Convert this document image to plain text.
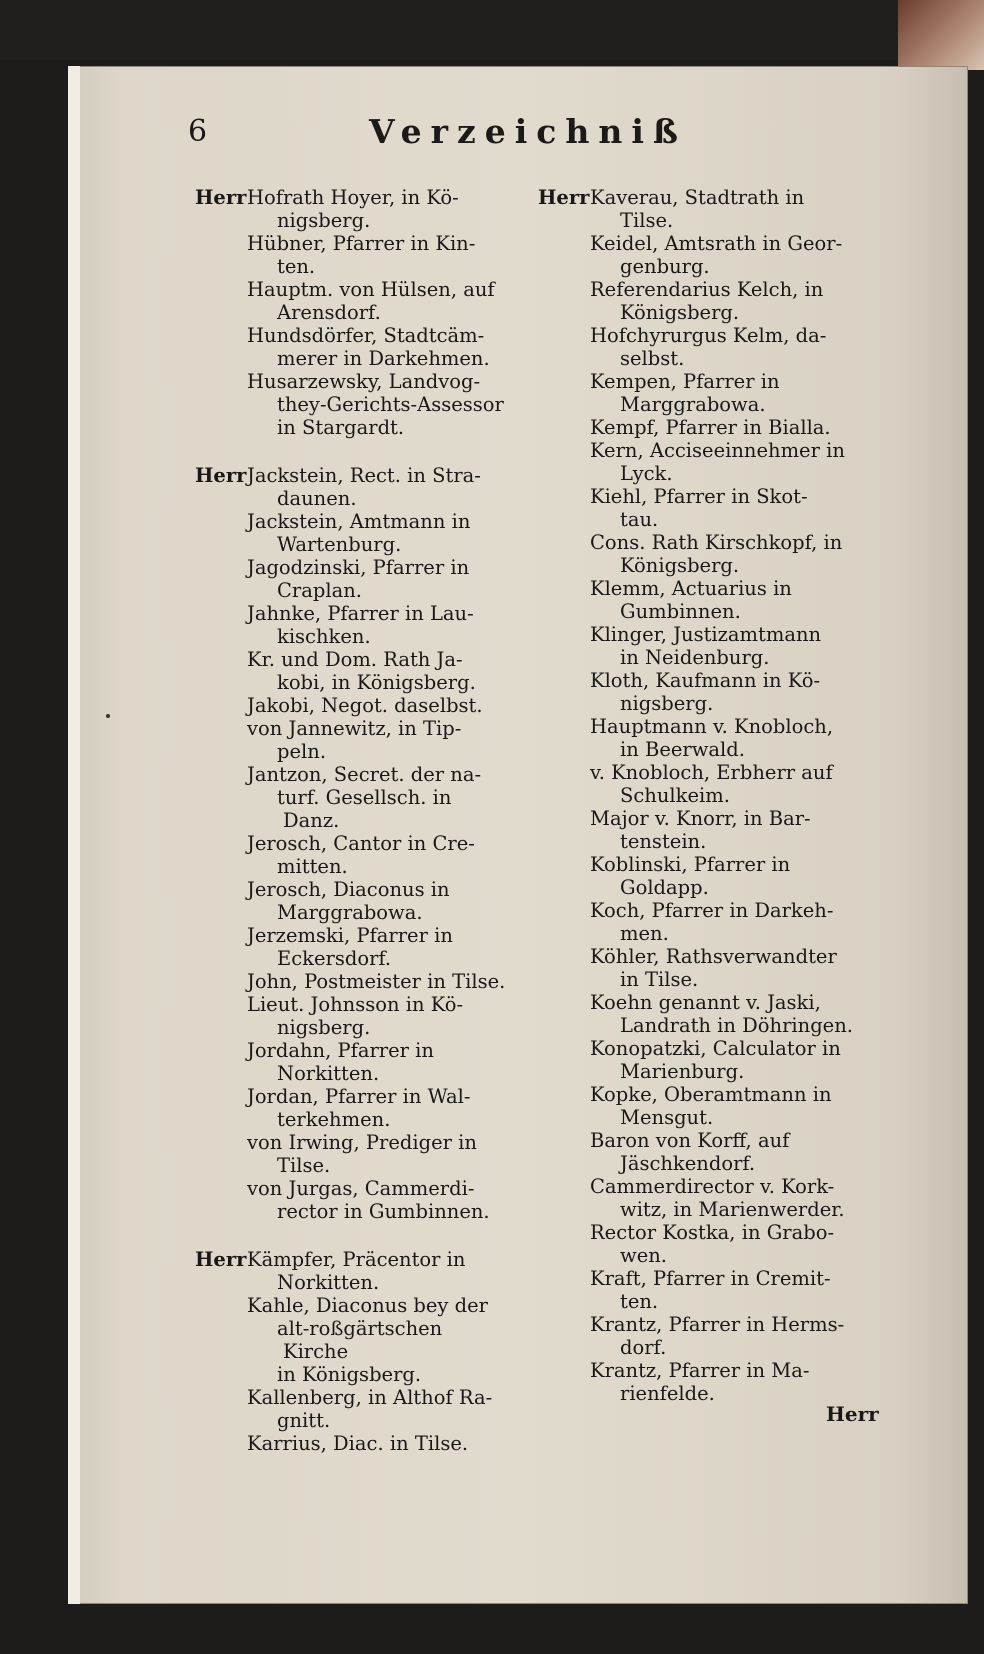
6	Verzeichniß
Herr Hofrath Hoyer, in Kö-
nigsberg.
Hübner, Pfarrer in Kin-
ten.
Hauptm. von Hülsen, auf
Arensdorf.
Hundsdörfer, Stadtcäm-
merer in Darkehmen.
Husarzewsky, Landvog-
they-Gerichts-Assessor
in Stargardt.
Herr Jackstein, Rect. in Stra-
daunen.
Jackstein, Amtmann in
Wartenburg.
Jagodzinski, Pfarrer in
Craplan.
Jahnke, Pfarrer in Lau-
kischken.
Kr. und Dom. Rath Ja-
kobi, in Königsberg.
Jakobi, Negot. daselbst.
von Jannewitz, in Tip-
peln.
Jantzon, Secret. der na-
turf. Gesellsch. in Danz.
Jerosch, Cantor in Cre-
mitten.
Jerosch, Diaconus in
Marggrabowa.
Jerzemski, Pfarrer in
Eckersdorf.
John, Postmeister in Tilse.
Lieut. Johnsson in Kö-
nigsberg.
Jordahn, Pfarrer in
Norkitten.
Jordan, Pfarrer in Wal-
terkehmen.
von Irwing, Prediger in
Tilse.
von Jurgas, Cammerdi-
rector in Gumbinnen.
Herr Kämpfer, Präcentor in
Norkitten.
Kahle, Diaconus bey der
alt-roßgärtschen Kirche
in Königsberg.
Kallenberg, in Althof Ra-
gnitt.
Karrius, Diac. in Tilse.
Herr Kaverau, Stadtrath in
Tilse.
Keidel, Amtsrath in Geor-
genburg.
Referendarius Kelch, in
Königsberg.
Hofchyrurgus Kelm, da-
selbst.
Kempen, Pfarrer in
Marggrabowa.
Kempf, Pfarrer in Bialla.
Kern, Acciseeinnehmer in
Lyck.
Kiehl, Pfarrer in Skot-
tau.
Cons. Rath Kirschkopf, in
Königsberg.
Klemm, Actuarius in
Gumbinnen.
Klinger, Justizamtmann
in Neidenburg.
Kloth, Kaufmann in Kö-
nigsberg.
Hauptmann v. Knobloch,
in Beerwald.
v. Knobloch, Erbherr auf
Schulkeim.
Major v. Knorr, in Bar-
tenstein.
Koblinski, Pfarrer in
Goldapp.
Koch, Pfarrer in Darkeh-
men.
Köhler, Rathsverwandter
in Tilse.
Koehn genannt v. Jaski,
Landrath in Döhringen.
Konopatzki, Calculator in
Marienburg.
Kopke, Oberamtmann in
Mensgut.
Baron von Korff, auf
Jäschkendorf.
Cammerdirector v. Kork-
witz, in Marienwerder.
Rector Kostka, in Grabo-
wen.
Kraft, Pfarrer in Cremit-
ten.
Krantz, Pfarrer in Herms-
dorf.
Krantz, Pfarrer in Ma-
rienfelde.
Herr
